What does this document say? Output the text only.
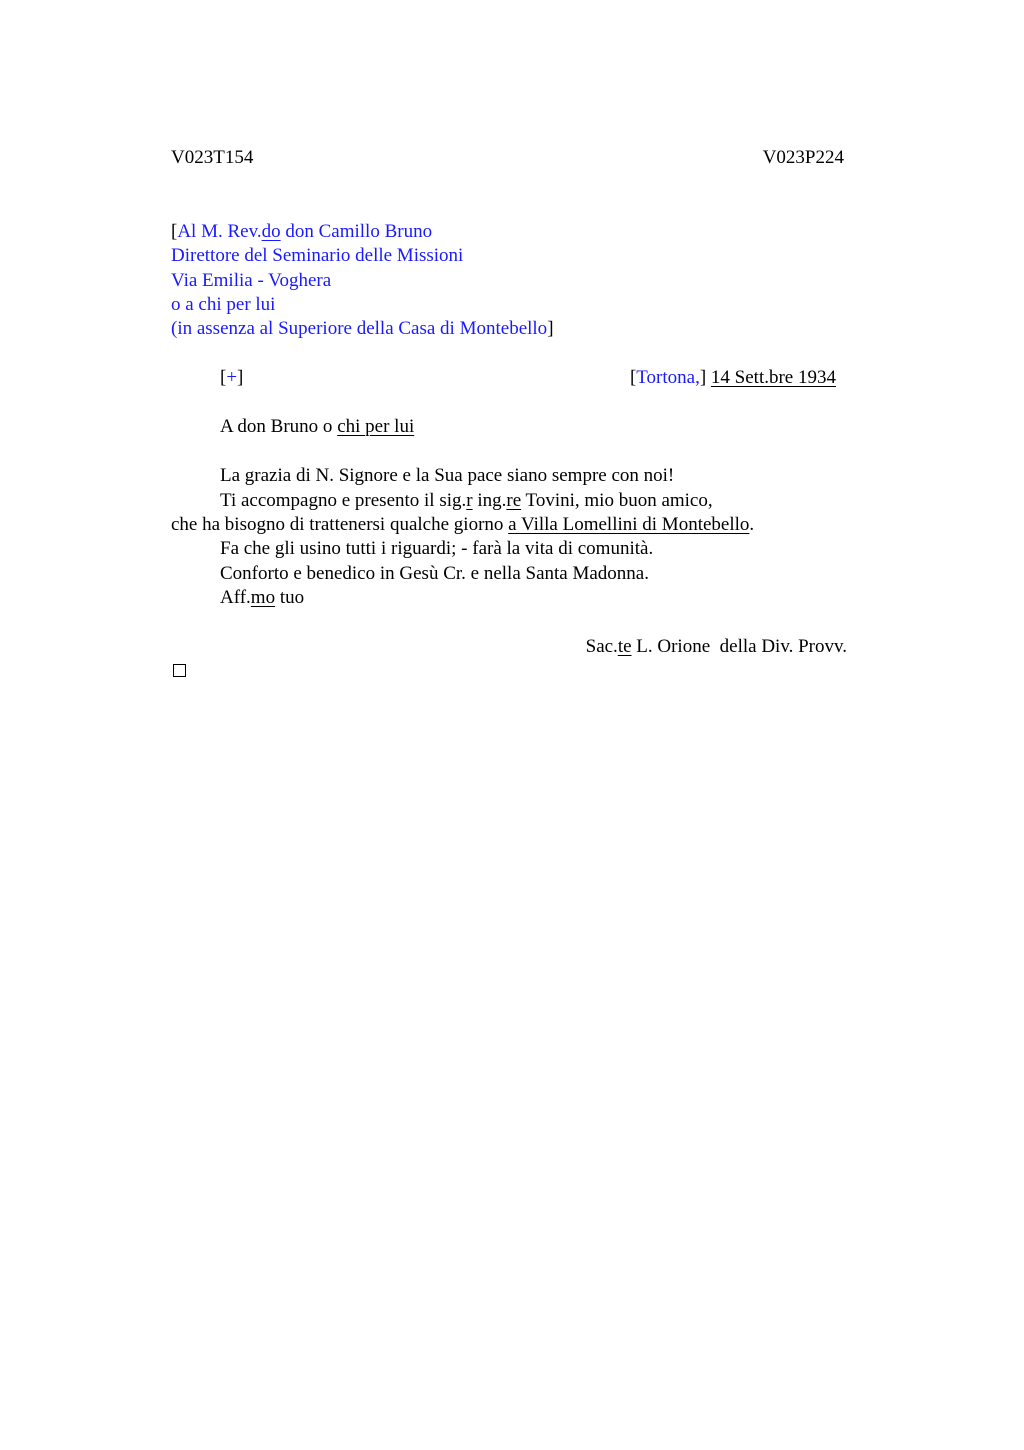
V023T154	V023P224
[Al M. Rev.do don Camillo Bruno
Direttore del Seminario delle Missioni
Via Emilia - Voghera
o a chi per lui
(in assenza al Superiore della Casa di Montebello]
[+]	[Tortona,] 14 Sett.bre 1934
A don Bruno o chi per lui
La grazia di N. Signore e la Sua pace siano sempre con noi!
Ti accompagno e presento il sig.r ing.re Tovini, mio buon amico,
che ha bisogno di trattenersi qualche giorno a Villa Lomellini di Montebello.
Fa che gli usino tutti i riguardi; - farà la vita di comunità.
Conforto e benedico in Gesù Cr. e nella Santa Madonna.
Aff.mo tuo
Sac.te L. Orione  della Div. Provv.
